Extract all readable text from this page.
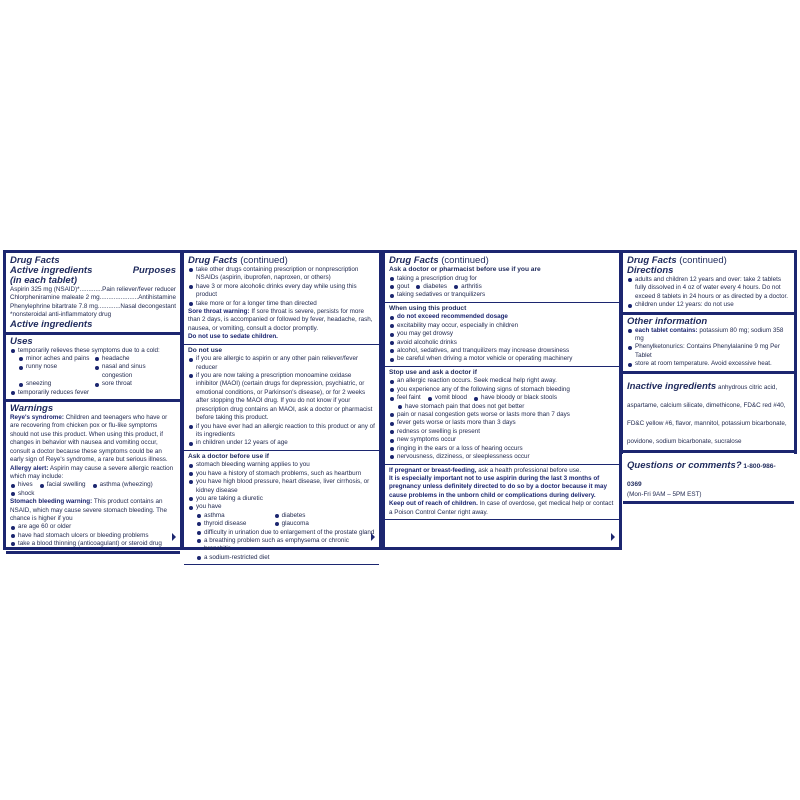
Drug Facts
Active ingredients	Purposes
(in each tablet)
Aspirin 325 mg (NSAID)* .....	Pain reliever/fever reducer
Chlorpheniramine maleate 2 mg .....	Antihistamine
Phenylephrine bitartrate 7.8 mg .....	Nasal decongestant
*nonsteroidal anti-inflammatory drug
Active ingredients
Uses
temporarily relieves these symptoms due to a cold:
minor aches and pains	headache
runny nose	nasal and sinus congestion
sneezing	sore throat
temporarily reduces fever
Warnings
Reye's syndrome: Children and teenagers who have or are recovering from chicken pox or flu-like symptoms should not use this product. When using this product, if changes in behavior with nausea and vomiting occur, consult a doctor because these symptoms could be an early sign of Reye's syndrome, a rare but serious illness.
Allergy alert: Aspirin may cause a severe allergic reaction which may include:
hives	facial swelling	asthma (wheezing)
shock
Stomach bleeding warning: This product contains an NSAID, which may cause severe stomach bleeding. The chance is higher if you
are age 60 or older
have had stomach ulcers or bleeding problems
take a blood thinning (anticoagulant) or steroid drug
Drug Facts (continued)
take other drugs containing prescription or nonprescription NSAIDs (aspirin, ibuprofen, naproxen, or others)
have 3 or more alcoholic drinks every day while using this product
take more or for a longer time than directed
Sore throat warning: If sore throat is severe, persists for more than 2 days, is accompanied or followed by fever, headache, rash, nausea, or vomiting, consult a doctor promptly.
Do not use to sedate children.
Do not use
if you are allergic to aspirin or any other pain reliever/fever reducer
if you are now taking a prescription monoamine oxidase inhibitor (MAOI) (certain drugs for depression, psychiatric, or emotional conditions, or Parkinson's disease), or for 2 weeks after stopping the MAOI drug. If you do not know if your prescription drug contains an MAOI, ask a doctor or pharmacist before taking this product.
if you have ever had an allergic reaction to this product or any of its ingredients
in children under 12 years of age
Ask a doctor before use if
stomach bleeding warning applies to you
you have a history of stomach problems, such as heartburn
you have high blood pressure, heart disease, liver cirrhosis, or kidney disease
you are taking a diuretic
you have
asthma	diabetes
thyroid disease	glaucoma
difficulty in urination due to enlargement of the prostate gland
a breathing problem such as emphysema or chronic bronchitis
a sodium-restricted diet
Drug Facts (continued)
Ask a doctor or pharmacist before use if you are
taking a prescription drug for
gout	diabetes	arthritis
taking sedatives or tranquilizers
When using this product
do not exceed recommended dosage
excitability may occur, especially in children
you may get drowsy
avoid alcoholic drinks
alcohol, sedatives, and tranquilizers may increase drowsiness
be careful when driving a motor vehicle or operating machinery
Stop use and ask a doctor if
an allergic reaction occurs. Seek medical help right away.
you experience any of the following signs of stomach bleeding
feel faint	vomit blood	have bloody or black stools
have stomach pain that does not get better
pain or nasal congestion gets worse or lasts more than 7 days
fever gets worse or lasts more than 3 days
redness or swelling is present
new symptoms occur
ringing in the ears or a loss of hearing occurs
nervousness, dizziness, or sleeplessness occur
If pregnant or breast-feeding, ask a health professional before use.
It is especially important not to use aspirin during the last 3 months of pregnancy unless definitely directed to do so by a doctor because it may cause problems in the unborn child or complications during delivery.
Keep out of reach of children. In case of overdose, get medical help or contact a Poison Control Center right away.
Drug Facts (continued)
Directions
adults and children 12 years and over: take 2 tablets fully dissolved in 4 oz of water every 4 hours. Do not exceed 8 tablets in 24 hours or as directed by a doctor.
children under 12 years: do not use
Other information
each tablet contains: potassium 80 mg; sodium 358 mg
Phenylketonurics: Contains Phenylalanine 9 mg Per Tablet
store at room temperature. Avoid excessive heat.
Inactive ingredients anhydrous citric acid, aspartame, calcium silicate, dimethicone, FD&C red #40, FD&C yellow #6, flavor, mannitol, potassium bicarbonate, povidone, sodium bicarbonate, sucralose
Questions or comments? 1-800-986-0369
(Mon-Fri 9AM – 5PM EST)
